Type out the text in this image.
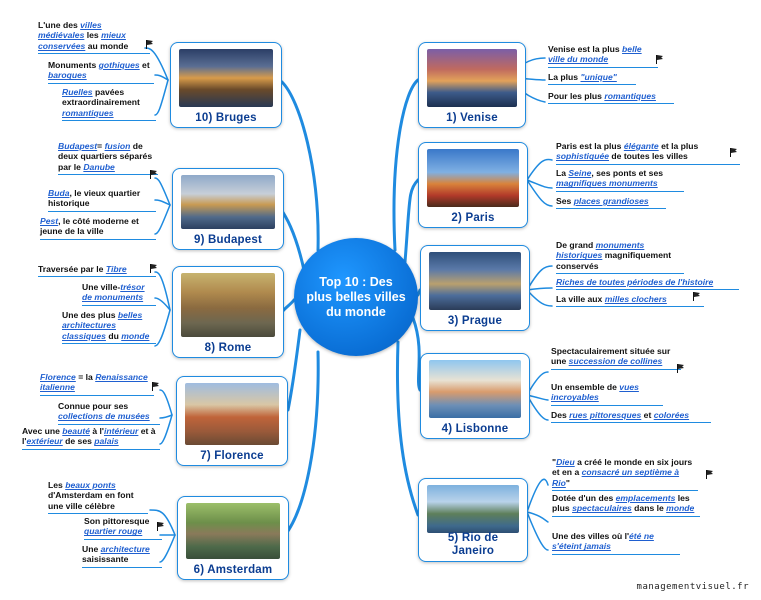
Top 10 : Des plus belles villes du monde
1) Venise
2) Paris
3) Prague
4) Lisbonne
5) Rio de Janeiro
10) Bruges
9) Budapest
8) Rome
7) Florence
6) Amsterdam
Venise est la plus belle ville du monde
La plus "unique"
Pour les plus romantiques
Paris est la plus élégante et la plus sophistiquée de toutes les villes
La Seine, ses ponts et ses magnifiques monuments
Ses places grandioses
De grand monuments historiques magnifiquement conservés
Riches de toutes périodes de l'histoire
La ville aux milles clochers
Spectaculairement située sur une succession de collines
Un ensemble de vues incroyables
Des rues pittoresques et colorées
"Dieu a créé le monde en six jours et en a consacré un septième à Rio"
Dotée d'un des emplacements les plus spectaculaires dans le monde
Une des villes où l'été ne s'éteint jamais
L'une des villes médiévales les mieux conservées au monde
Monuments gothiques et baroques
Ruelles pavées extraordinairement romantiques
Budapest= fusion de deux quartiers séparés par le Danube
Buda, le vieux quartier historique
Pest, le côté moderne et jeune de la ville
Traversée par le Tibre
Une ville-trésor de monuments
Une des plus belles architectures classiques du monde
Florence = la Renaissance italienne
Connue pour ses collections de musées
Avec une beauté à l'intérieur et à l'extérieur de ses palais
Les beaux ponts d'Amsterdam en font une ville célèbre
Son pittoresque quartier rouge
Une architecture saisissante
managementvisuel.fr
